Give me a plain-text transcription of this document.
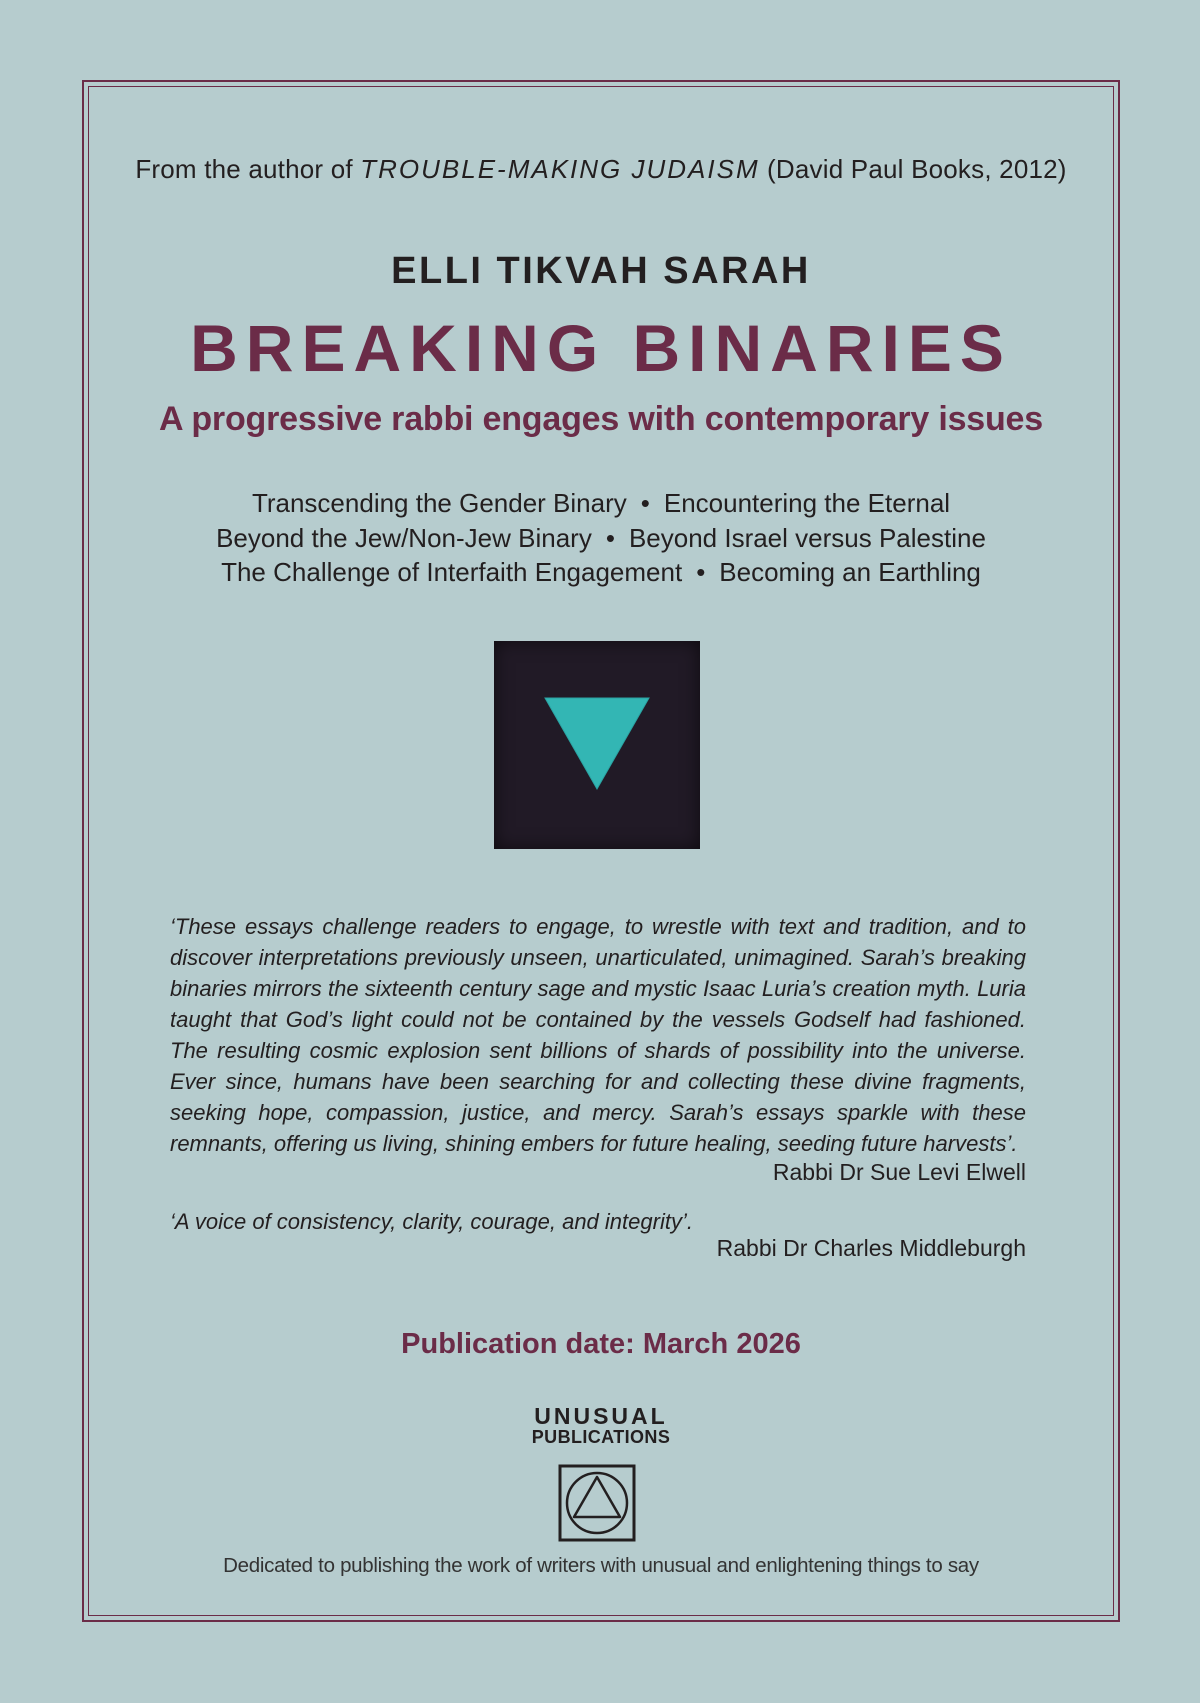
From the author of TROUBLE-MAKING JUDAISM (David Paul Books, 2012)
ELLI TIKVAH SARAH
BREAKING BINARIES
A progressive rabbi engages with contemporary issues
Transcending the Gender Binary • Encountering the Eternal
Beyond the Jew/Non-Jew Binary • Beyond Israel versus Palestine
The Challenge of Interfaith Engagement • Becoming an Earthling
‘These essays challenge readers to engage, to wrestle with text and tradition, and to discover interpretations previously unseen, unarticulated, unimagined. Sarah’s breaking binaries mirrors the sixteenth century sage and mystic Isaac Luria’s creation myth. Luria taught that God’s light could not be contained by the vessels Godself had fashioned. The resulting cosmic explosion sent billions of shards of possibility into the universe. Ever since, humans have been searching for and collecting these divine fragments, seeking hope, compassion, justice, and mercy. Sarah’s essays sparkle with these remnants, offering us living, shining embers for future healing, seeding future harvests’.
Rabbi Dr Sue Levi Elwell
‘A voice of consistency, clarity, courage, and integrity’.
Rabbi Dr Charles Middleburgh
Publication date: March 2026
UNUSUAL
PUBLICATIONS
Dedicated to publishing the work of writers with unusual and enlightening things to say
